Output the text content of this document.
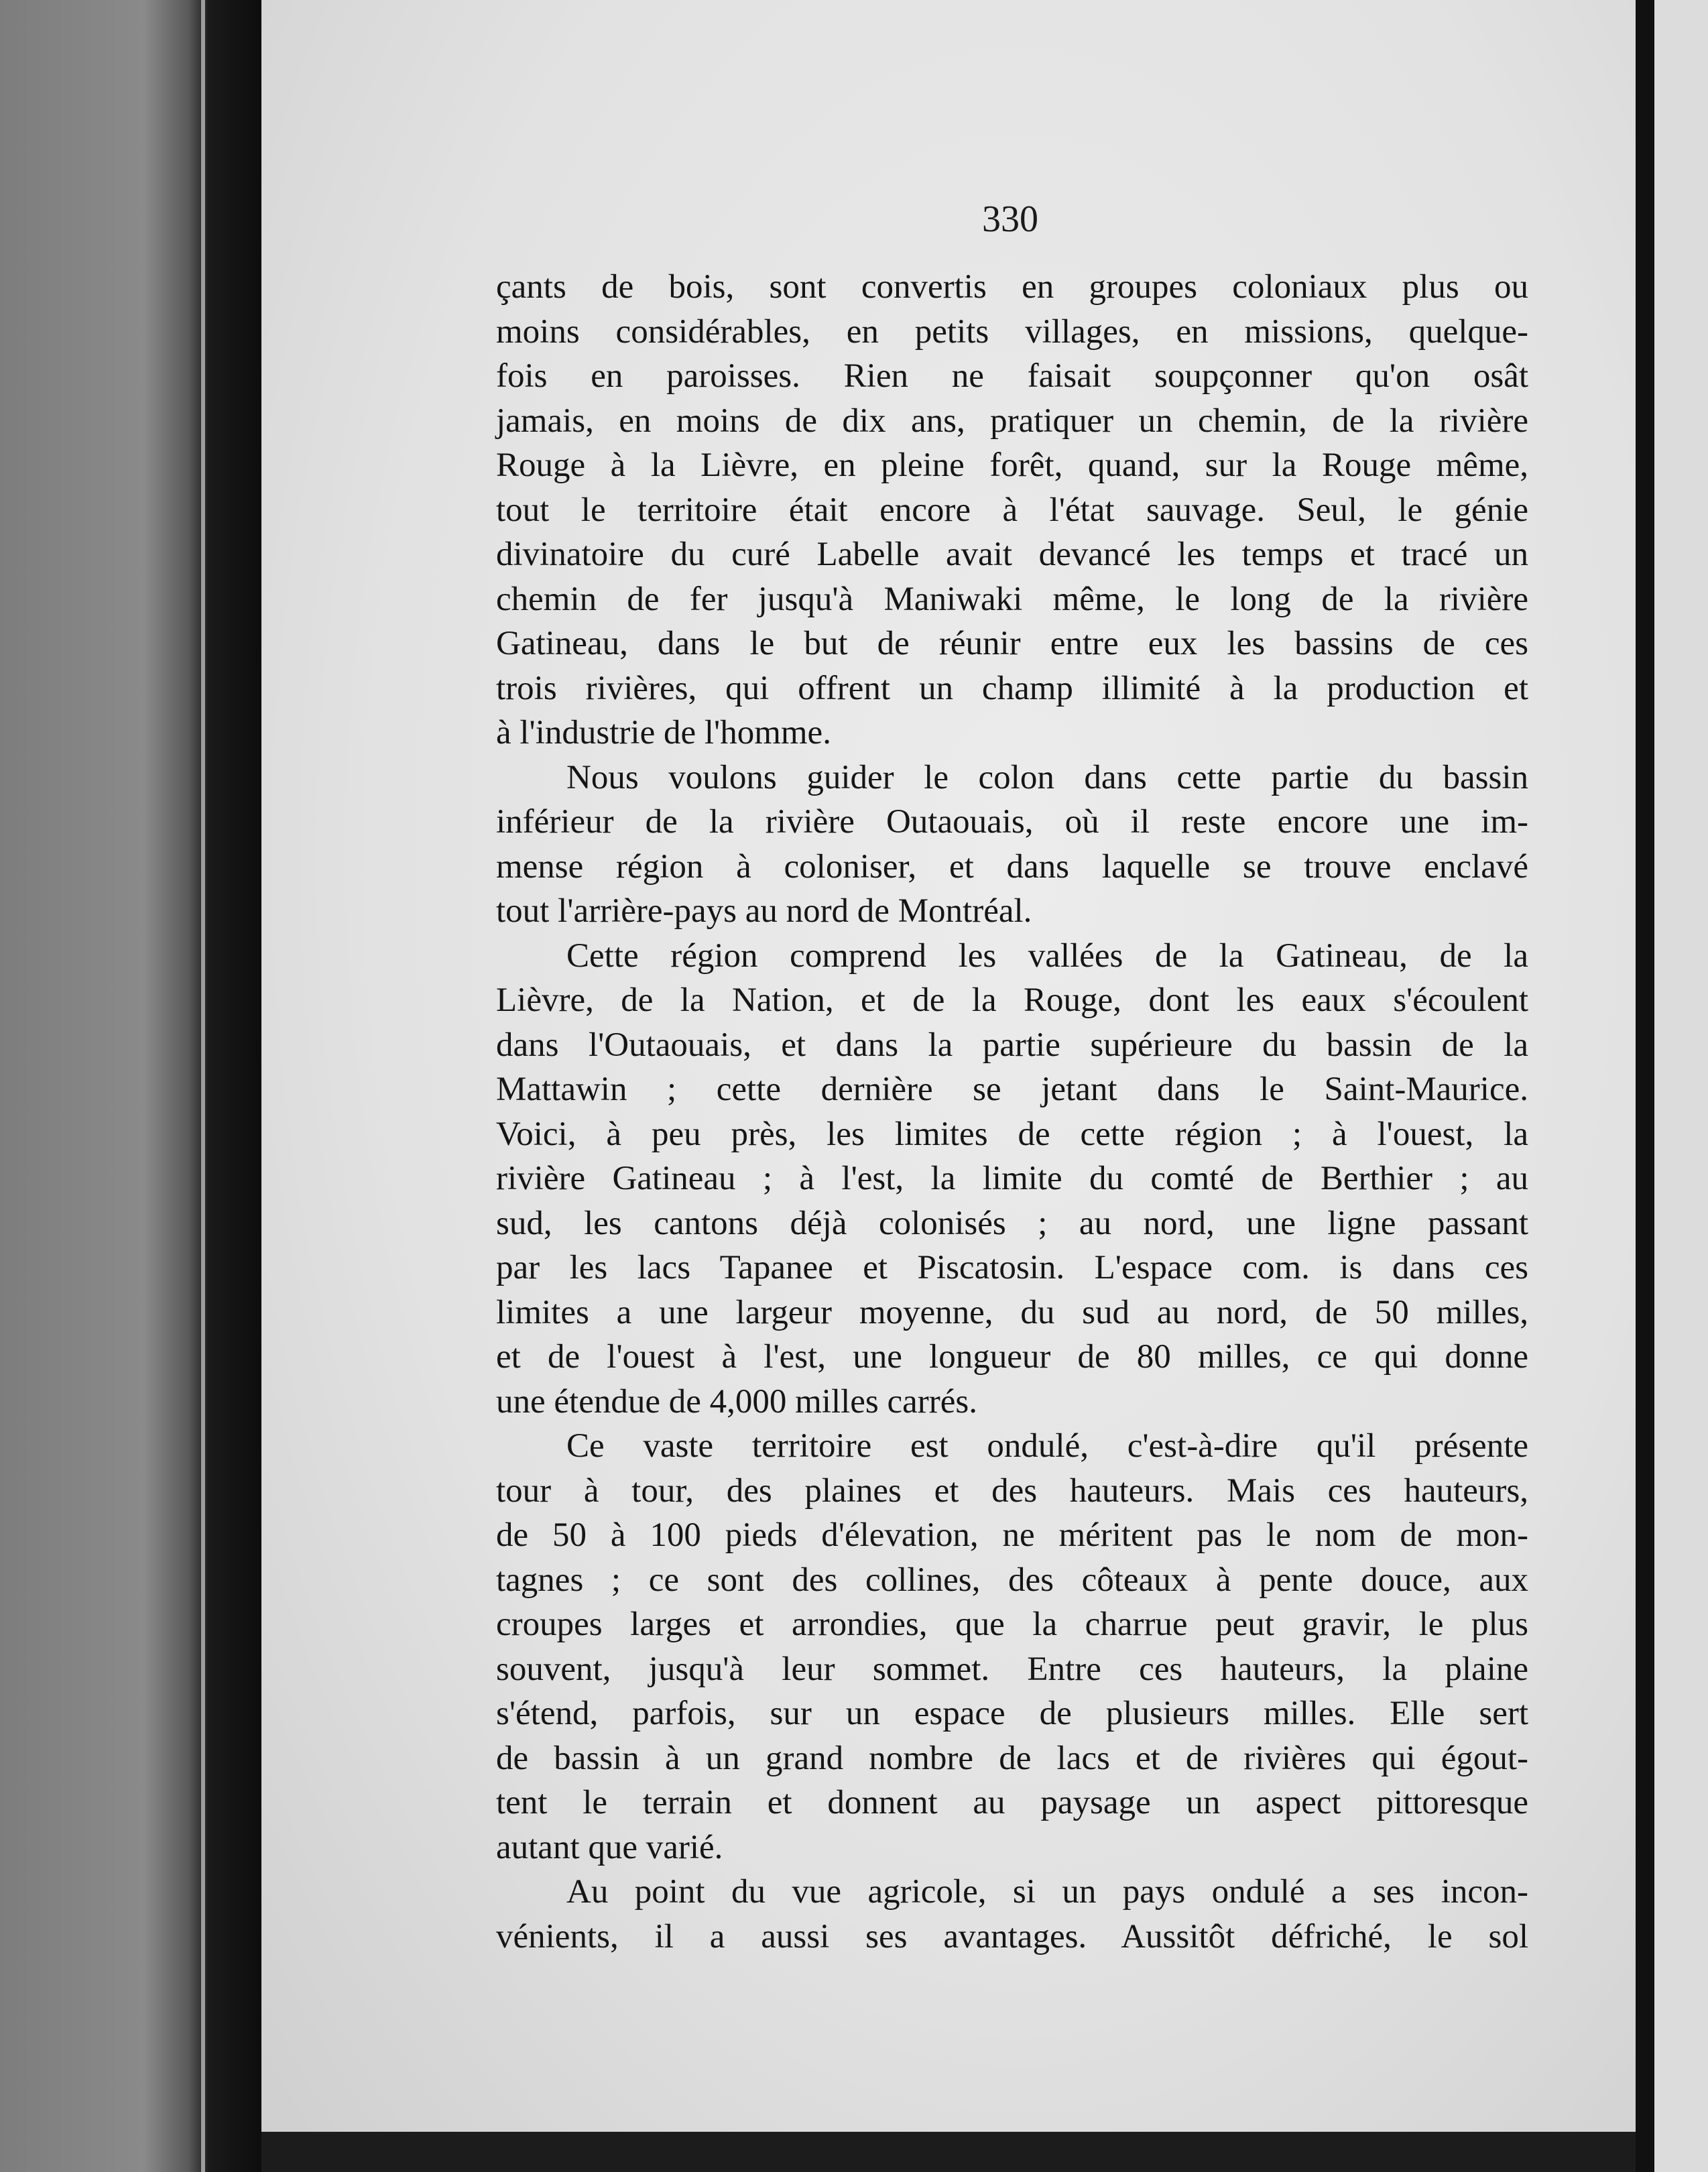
330
çants de bois, sont convertis en groupes coloniaux plus ou
moins considérables, en petits villages, en missions, quelque-
fois en paroisses. Rien ne faisait soupçonner qu'on osât
jamais, en moins de dix ans, pratiquer un chemin, de la rivière
Rouge à la Lièvre, en pleine forêt, quand, sur la Rouge même,
tout le territoire était encore à l'état sauvage. Seul, le génie
divinatoire du curé Labelle avait devancé les temps et tracé un
chemin de fer jusqu'à Maniwaki même, le long de la rivière
Gatineau, dans le but de réunir entre eux les bassins de ces
trois rivières, qui offrent un champ illimité à la production et
à l'industrie de l'homme.
Nous voulons guider le colon dans cette partie du bassin
inférieur de la rivière Outaouais, où il reste encore une im-
mense région à coloniser, et dans laquelle se trouve enclavé
tout l'arrière-pays au nord de Montréal.
Cette région comprend les vallées de la Gatineau, de la
Lièvre, de la Nation, et de la Rouge, dont les eaux s'écoulent
dans l'Outaouais, et dans la partie supérieure du bassin de la
Mattawin ; cette dernière se jetant dans le Saint-Maurice.
Voici, à peu près, les limites de cette région ; à l'ouest, la
rivière Gatineau ; à l'est, la limite du comté de Berthier ; au
sud, les cantons déjà colonisés ; au nord, une ligne passant
par les lacs Tapanee et Piscatosin. L'espace com. is dans ces
limites a une largeur moyenne, du sud au nord, de 50 milles,
et de l'ouest à l'est, une longueur de 80 milles, ce qui donne
une étendue de 4,000 milles carrés.
Ce vaste territoire est ondulé, c'est-à-dire qu'il présente
tour à tour, des plaines et des hauteurs. Mais ces hauteurs,
de 50 à 100 pieds d'élevation, ne méritent pas le nom de mon-
tagnes ; ce sont des collines, des côteaux à pente douce, aux
croupes larges et arrondies, que la charrue peut gravir, le plus
souvent, jusqu'à leur sommet. Entre ces hauteurs, la plaine
s'étend, parfois, sur un espace de plusieurs milles. Elle sert
de bassin à un grand nombre de lacs et de rivières qui égout-
tent le terrain et donnent au paysage un aspect pittoresque
autant que varié.
Au point du vue agricole, si un pays ondulé a ses incon-
vénients, il a aussi ses avantages. Aussitôt défriché, le sol
